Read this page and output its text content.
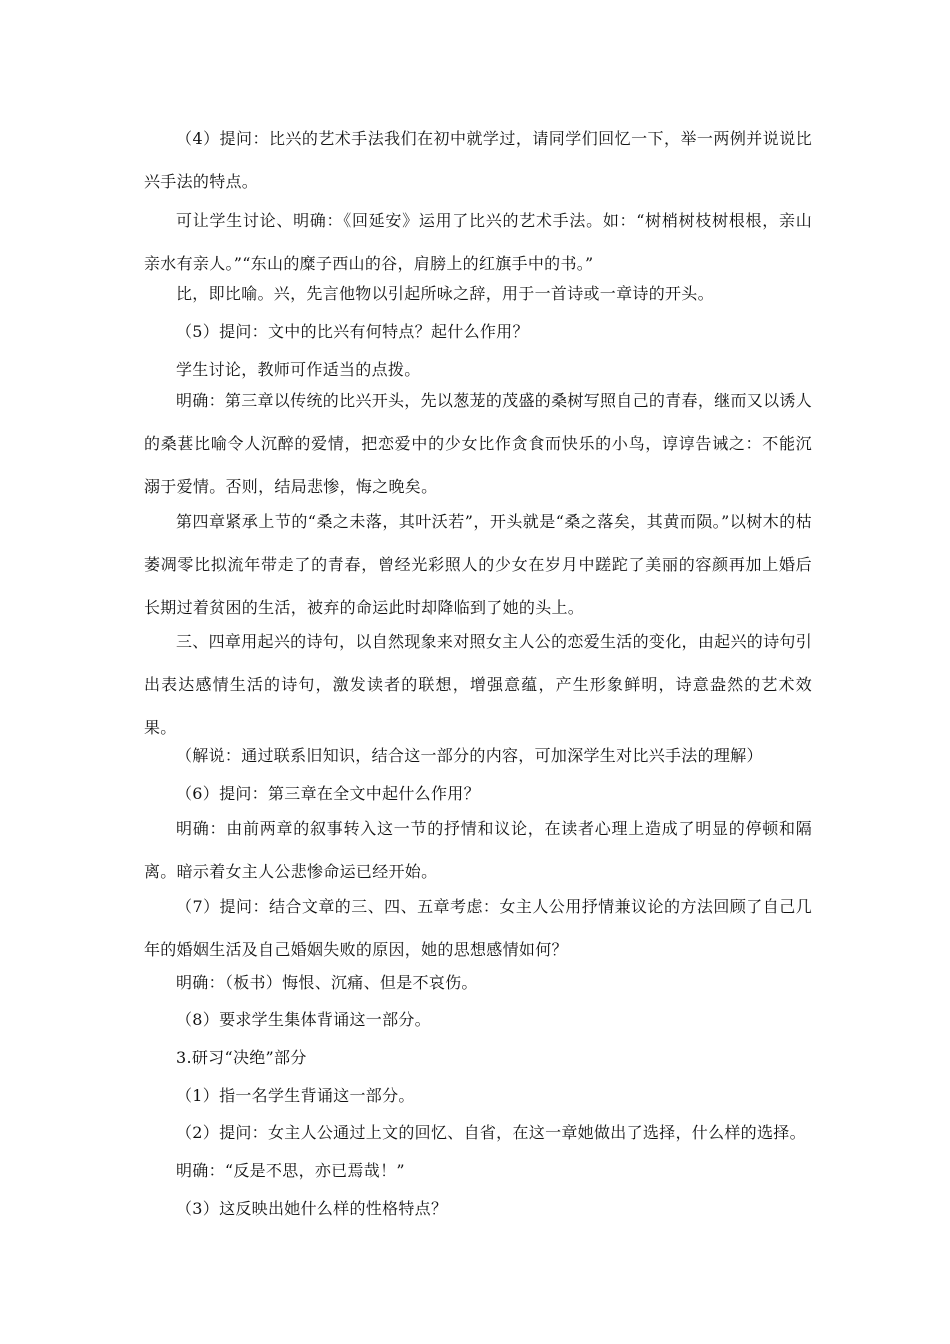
（4）提问：比兴的艺术手法我们在初中就学过，请同学们回忆一下，举一两例并说说比兴手法的特点。

可让学生讨论、明确：《回延安》运用了比兴的艺术手法。如：“树梢树枝树根根，亲山亲水有亲人。”“东山的糜子西山的谷，肩膀上的红旗手中的书。”

比，即比喻。兴，先言他物以引起所咏之辞，用于一首诗或一章诗的开头。

（5）提问：文中的比兴有何特点？起什么作用？

学生讨论，教师可作适当的点拨。

明确：第三章以传统的比兴开头，先以葱茏的茂盛的桑树写照自己的青春，继而又以诱人的桑葚比喻令人沉醉的爱情，把恋爱中的少女比作贪食而快乐的小鸟，谆谆告诫之：不能沉溺于爱情。否则，结局悲惨，悔之晚矣。

第四章紧承上节的“桑之未落，其叶沃若”，开头就是“桑之落矣，其黄而陨。”以树木的枯萎凋零比拟流年带走了的青春，曾经光彩照人的少女在岁月中蹉跎了美丽的容颜再加上婚后长期过着贫困的生活，被弃的命运此时却降临到了她的头上。

三、四章用起兴的诗句，以自然现象来对照女主人公的恋爱生活的变化，由起兴的诗句引出表达感情生活的诗句，激发读者的联想，增强意蕴，产生形象鲜明，诗意盎然的艺术效果。

（解说：通过联系旧知识，结合这一部分的内容，可加深学生对比兴手法的理解）

（6）提问：第三章在全文中起什么作用？

明确：由前两章的叙事转入这一节的抒情和议论，在读者心理上造成了明显的停顿和隔离。暗示着女主人公悲惨命运已经开始。

（7）提问：结合文章的三、四、五章考虑：女主人公用抒情兼议论的方法回顾了自己几年的婚姻生活及自己婚姻失败的原因，她的思想感情如何？

明确：（板书）悔恨、沉痛、但是不哀伤。

（8）要求学生集体背诵这一部分。

3.研习“决绝”部分

（1）指一名学生背诵这一部分。

（2）提问：女主人公通过上文的回忆、自省，在这一章她做出了选择，什么样的选择。

明确：“反是不思，亦已焉哉！”

（3）这反映出她什么样的性格特点？
